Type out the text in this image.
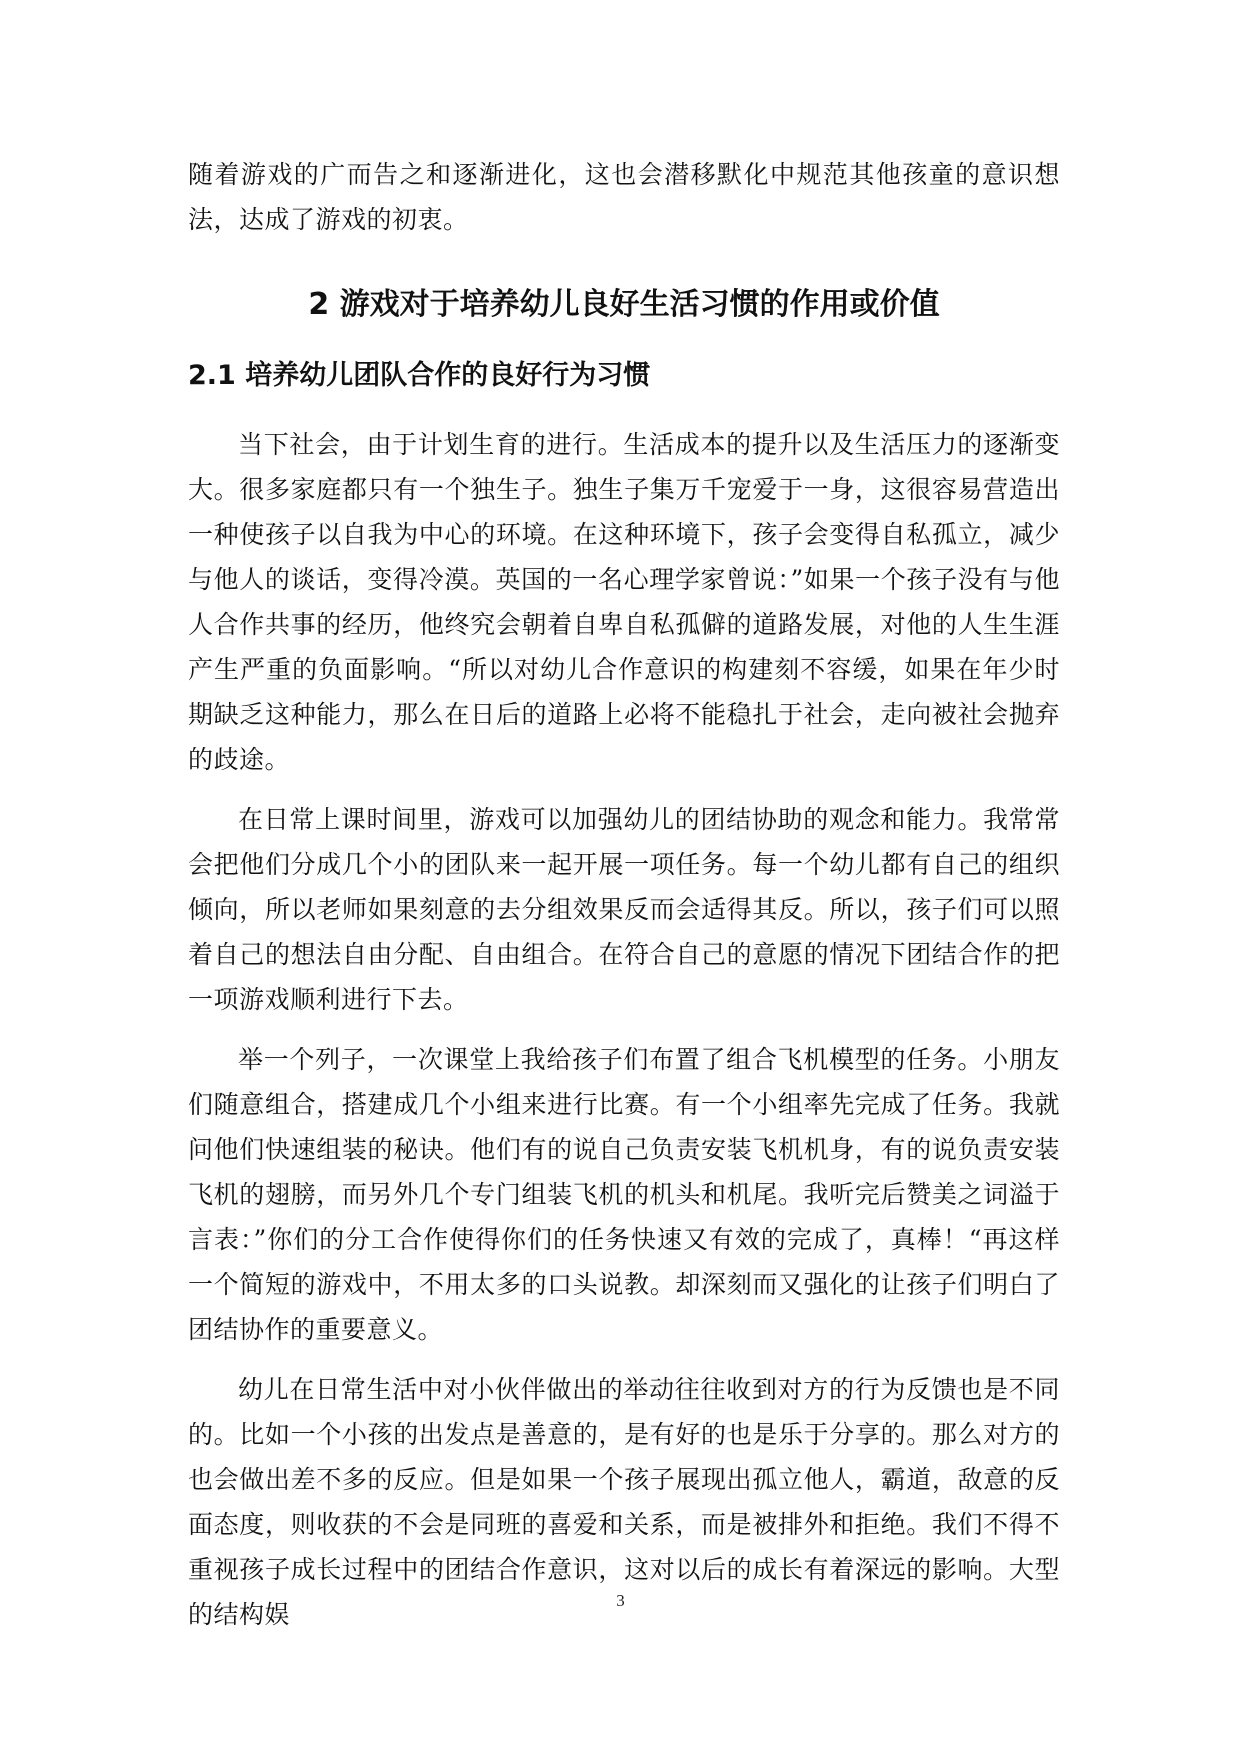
随着游戏的广而告之和逐渐进化，这也会潜移默化中规范其他孩童的意识想法，达成了游戏的初衷。

2 游戏对于培养幼儿良好生活习惯的作用或价值
2.1 培养幼儿团队合作的良好行为习惯

当下社会，由于计划生育的进行。生活成本的提升以及生活压力的逐渐变大。很多家庭都只有一个独生子。独生子集万千宠爱于一身，这很容易营造出一种使孩子以自我为中心的环境。在这种环境下，孩子会变得自私孤立，减少与他人的谈话，变得冷漠。英国的一名心理学家曾说：”如果一个孩子没有与他人合作共事的经历，他终究会朝着自卑自私孤僻的道路发展，对他的人生生涯产生严重的负面影响。“所以对幼儿合作意识的构建刻不容缓，如果在年少时期缺乏这种能力，那么在日后的道路上必将不能稳扎于社会，走向被社会抛弃的歧途。

在日常上课时间里，游戏可以加强幼儿的团结协助的观念和能力。我常常会把他们分成几个小的团队来一起开展一项任务。每一个幼儿都有自己的组织倾向，所以老师如果刻意的去分组效果反而会适得其反。所以，孩子们可以照着自己的想法自由分配、自由组合。在符合自己的意愿的情况下团结合作的把一项游戏顺利进行下去。

举一个列子，一次课堂上我给孩子们布置了组合飞机模型的任务。小朋友们随意组合，搭建成几个小组来进行比赛。有一个小组率先完成了任务。我就问他们快速组装的秘诀。他们有的说自己负责安装飞机机身，有的说负责安装飞机的翅膀，而另外几个专门组装飞机的机头和机尾。我听完后赞美之词溢于言表：”你们的分工合作使得你们的任务快速又有效的完成了，真棒！“再这样一个简短的游戏中，不用太多的口头说教。却深刻而又强化的让孩子们明白了团结协作的重要意义。

幼儿在日常生活中对小伙伴做出的举动往往收到对方的行为反馈也是不同的。比如一个小孩的出发点是善意的，是有好的也是乐于分享的。那么对方的也会做出差不多的反应。但是如果一个孩子展现出孤立他人，霸道，敌意的反面态度，则收获的不会是同班的喜爱和关系，而是被排外和拒绝。我们不得不重视孩子成长过程中的团结合作意识，这对以后的成长有着深远的影响。大型的结构娱	3
